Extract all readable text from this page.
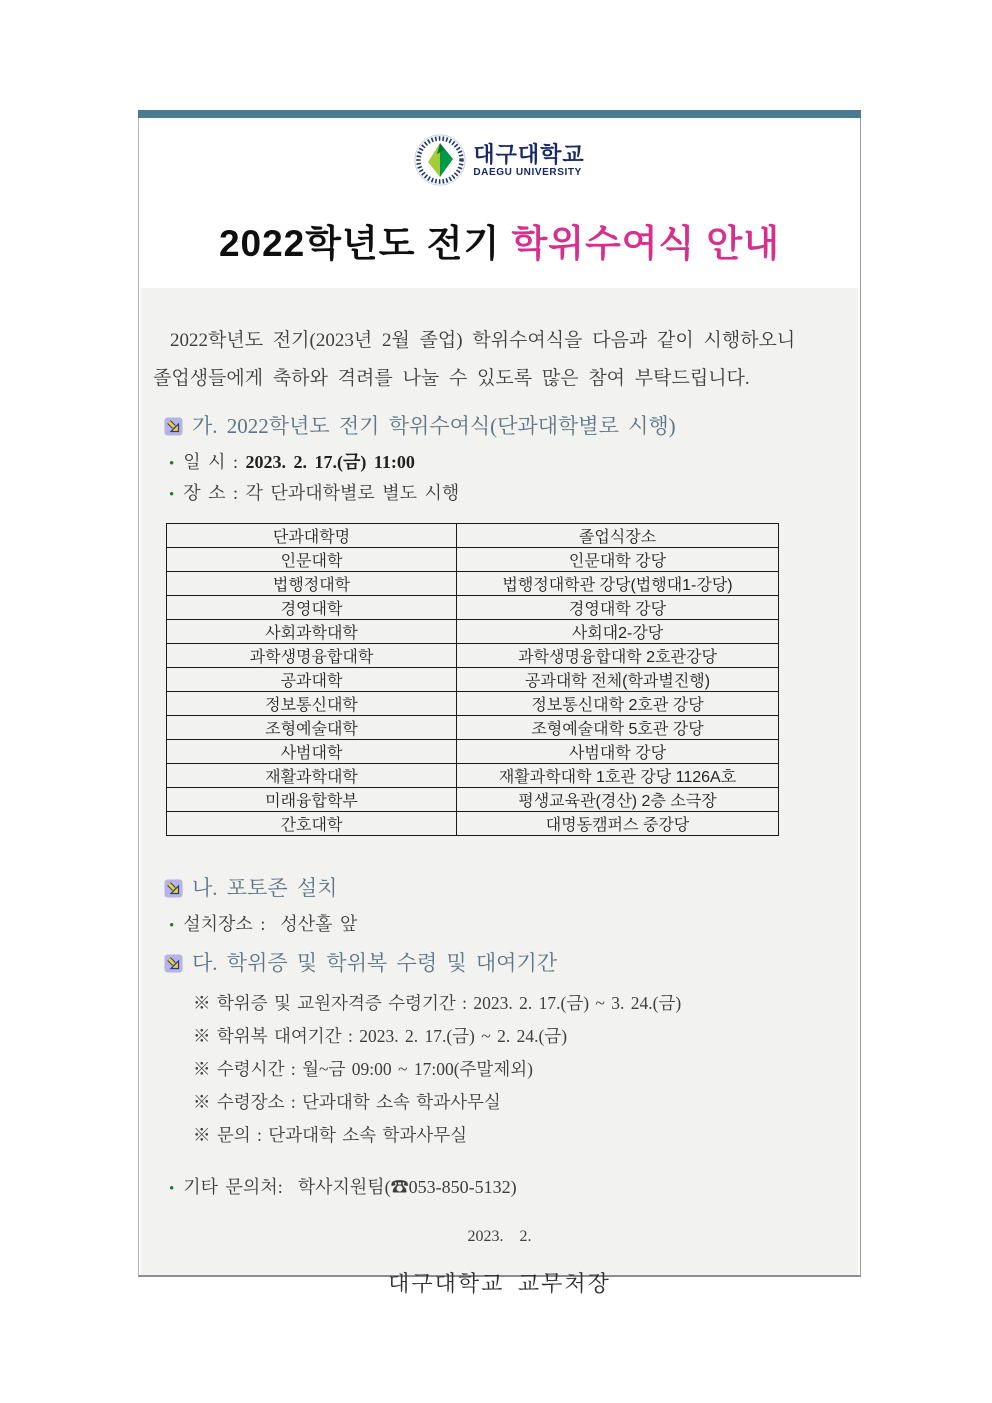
대구대학교
DAEGU UNIVERSITY
2022학년도 전기 학위수여식 안내
2022학년도 전기(2023년 2월 졸업) 학위수여식을 다음과 같이 시행하오니
졸업생들에게 축하와 격려를 나눌 수 있도록 많은 참여 부탁드립니다.
가. 2022학년도 전기 학위수여식(단과대학별로 시행)
• 일 시 : 2023. 2. 17.(금) 11:00
• 장 소 : 각 단과대학별로 별도 시행
단과대학명	졸업식장소
인문대학	인문대학 강당
법행정대학	법행정대학관 강당(법행대1-강당)
경영대학	경영대학 강당
사회과학대학	사회대2-강당
과학생명융합대학	과학생명융합대학 2호관강당
공과대학	공과대학 전체(학과별진행)
정보통신대학	정보통신대학 2호관 강당
조형예술대학	조형예술대학 5호관 강당
사범대학	사범대학 강당
재활과학대학	재활과학대학 1호관 강당 1126A호
미래융합학부	평생교육관(경산) 2층 소극장
간호대학	대명동캠퍼스 중강당
나. 포토존 설치
• 설치장소 :  성산홀 앞
다. 학위증 및 학위복 수령 및 대여기간
※ 학위증 및 교원자격증 수령기간 : 2023. 2. 17.(금) ~ 3. 24.(금)
※ 학위복 대여기간 : 2023. 2. 17.(금) ~ 2. 24.(금)
※ 수령시간 : 월~금 09:00 ~ 17:00(주말제외)
※ 수령장소 : 단과대학 소속 학과사무실
※ 문의 : 단과대학 소속 학과사무실
• 기타 문의처:  학사지원팀(☎053-850-5132)
2023.  2.
대구대학교 교무처장
